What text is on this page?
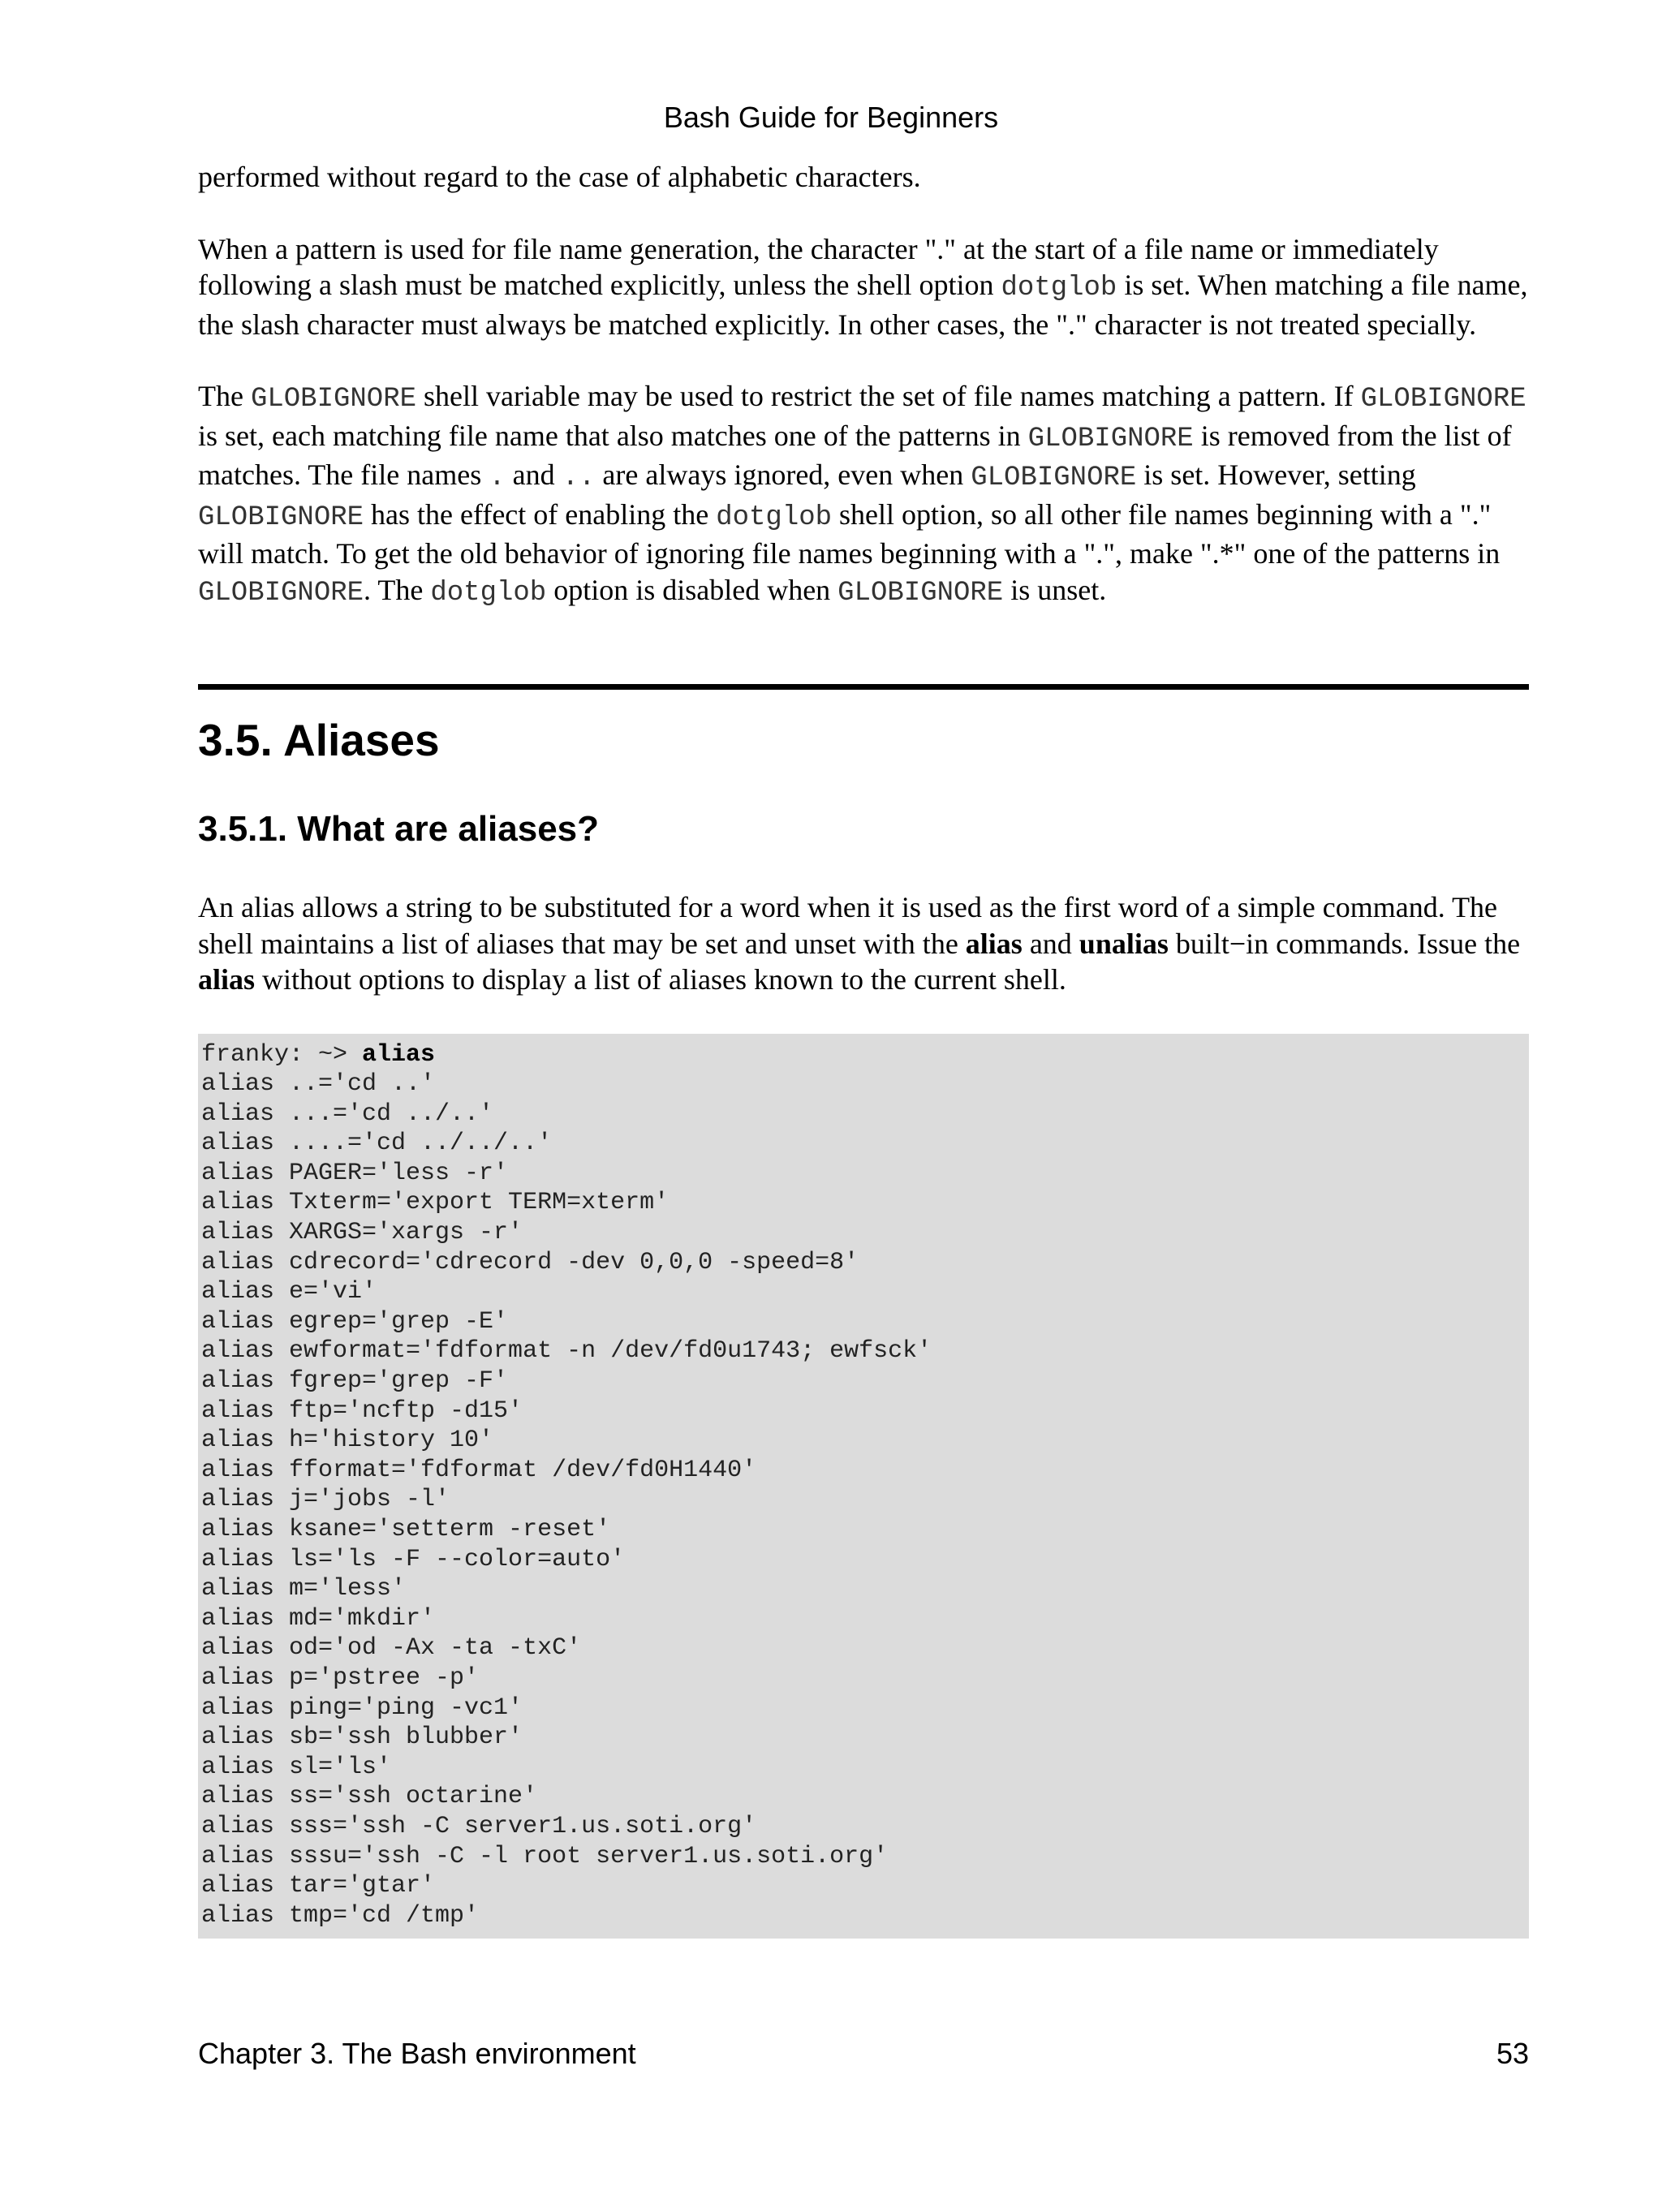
Bash Guide for Beginners

performed without regard to the case of alphabetic characters.

When a pattern is used for file name generation, the character "." at the start of a file name or immediately following a slash must be matched explicitly, unless the shell option dotglob is set. When matching a file name, the slash character must always be matched explicitly. In other cases, the "." character is not treated specially.

The GLOBIGNORE shell variable may be used to restrict the set of file names matching a pattern. If GLOBIGNORE is set, each matching file name that also matches one of the patterns in GLOBIGNORE is removed from the list of matches. The file names . and .. are always ignored, even when GLOBIGNORE is set. However, setting GLOBIGNORE has the effect of enabling the dotglob shell option, so all other file names beginning with a "." will match. To get the old behavior of ignoring file names beginning with a ".", make ".*" one of the patterns in GLOBIGNORE. The dotglob option is disabled when GLOBIGNORE is unset.

3.5. Aliases
3.5.1. What are aliases?

An alias allows a string to be substituted for a word when it is used as the first word of a simple command. The shell maintains a list of aliases that may be set and unset with the alias and unalias built−in commands. Issue the alias without options to display a list of aliases known to the current shell.

franky: ~> alias
alias ..='cd ..'
alias ...='cd ../..'
alias ....='cd ../../..'
alias PAGER='less -r'
alias Txterm='export TERM=xterm'
alias XARGS='xargs -r'
alias cdrecord='cdrecord -dev 0,0,0 -speed=8'
alias e='vi'
alias egrep='grep -E'
alias ewformat='fdformat -n /dev/fd0u1743; ewfsck'
alias fgrep='grep -F'
alias ftp='ncftp -d15'
alias h='history 10'
alias fformat='fdformat /dev/fd0H1440'
alias j='jobs -l'
alias ksane='setterm -reset'
alias ls='ls -F --color=auto'
alias m='less'
alias md='mkdir'
alias od='od -Ax -ta -txC'
alias p='pstree -p'
alias ping='ping -vc1'
alias sb='ssh blubber'
alias sl='ls'
alias ss='ssh octarine'
alias sss='ssh -C server1.us.soti.org'
alias sssu='ssh -C -l root server1.us.soti.org'
alias tar='gtar'
alias tmp='cd /tmp'
Chapter 3. The Bash environment	53
